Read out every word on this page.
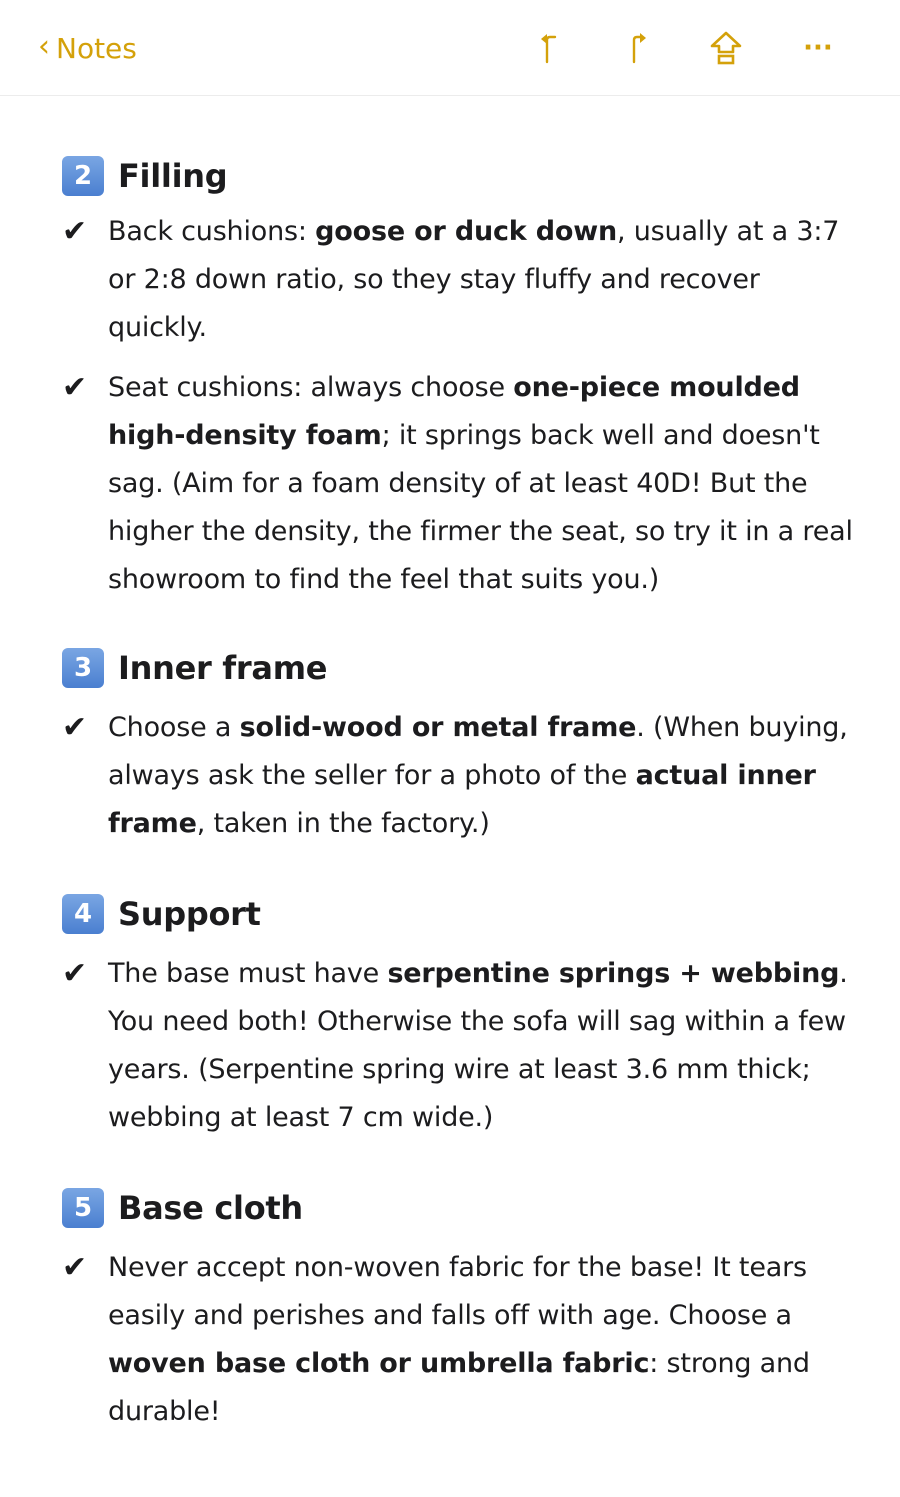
‹ Notes	···
2 Filling
✔ Back cushions: goose or duck down, usually at a 3:7 or 2:8 down ratio, so they stay fluffy and recover quickly.
✔ Seat cushions: always choose one-piece moulded high-density foam; it springs back well and doesn't sag. (Aim for a foam density of at least 40D! But the higher the density, the firmer the seat, so try it in a real showroom to find the feel that suits you.)
3 Inner frame
✔ Choose a solid-wood or metal frame. (When buying, always ask the seller for a photo of the actual inner frame, taken in the factory.)
4 Support
✔ The base must have serpentine springs + webbing. You need both! Otherwise the sofa will sag within a few years. (Serpentine spring wire at least 3.6 mm thick; webbing at least 7 cm wide.)
5 Base cloth
✔ Never accept non-woven fabric for the base! It tears easily and perishes and falls off with age. Choose a woven base cloth or umbrella fabric: strong and durable!
